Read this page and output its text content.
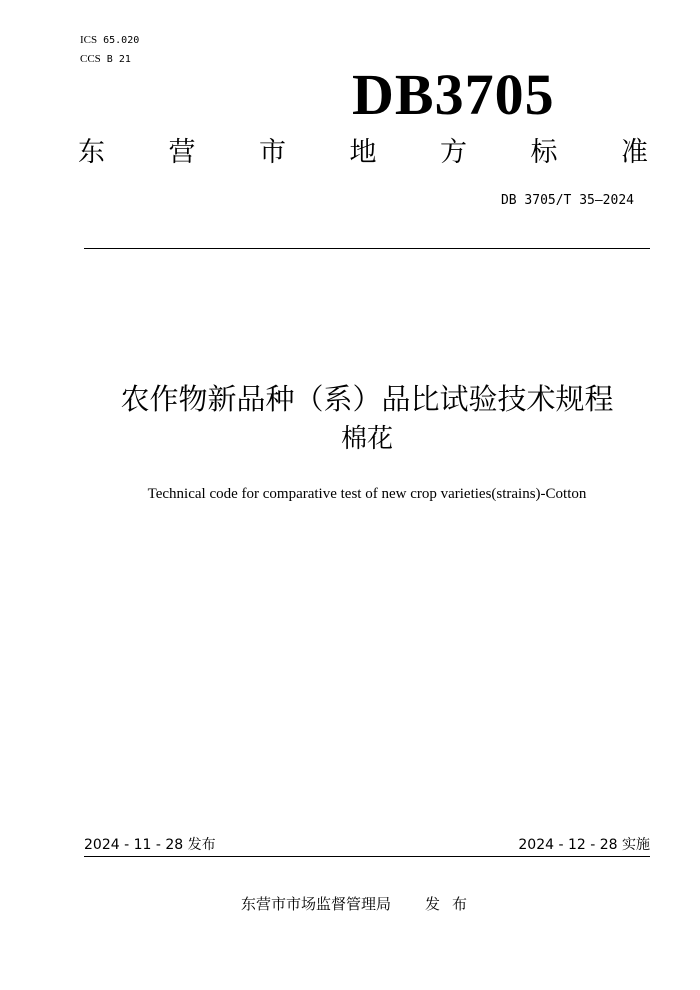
ICS 65.020
CCS B 21
DB3705
东 营 市 地 方 标 准
DB 3705/T 35—2024
农作物新品种（系）品比试验技术规程
棉花
Technical code for comparative test of new crop varieties(strains)-Cotton
2024 - 11 - 28 发布	2024 - 12 - 28 实施
东营市市场监督管理局 发布
